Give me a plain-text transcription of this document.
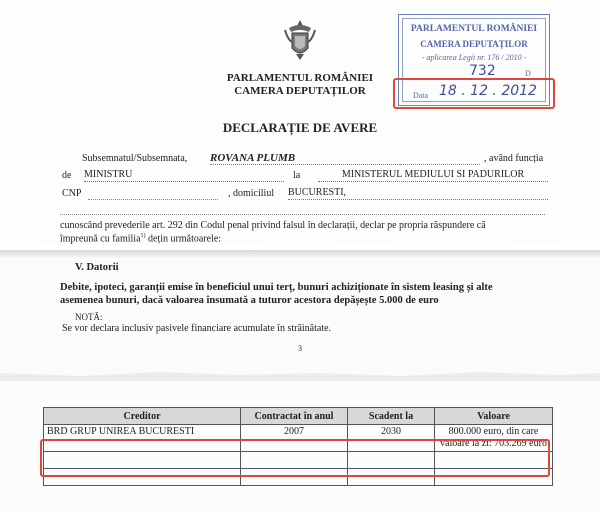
PARLAMENTUL ROMÂNIEI
CAMERA DEPUTAȚILOR
PARLAMENTUL ROMÂNIEI
CAMERA DEPUTAȚILOR
- aplicarea Legii nr. 176 / 2010 -
732	D
Data 18 . 12 . 2012
DECLARAȚIE DE AVERE
Subsemnatul/Subsemnata, ROVANA PLUMB	, având funcția
de MINISTRU	la	MINISTERUL MEDIULUI SI PADURILOR
CNP	, domiciliul BUCURESTI,
cunoscând prevederile art. 292 din Codul penal privind falsul în declarații, declar pe propria răspundere că
împreună cu familia$^{1)}$ dețin următoarele:
V. Datorii
Debite, ipoteci, garanții emise în beneficiul unui terț, bunuri achiziționate în sistem leasing și alte
asemenea bunuri, dacă valoarea însumată a tuturor acestora depășește 5.000 de euro
NOTĂ:
Se vor declara inclusiv pasivele financiare acumulate în străinătate.
3
Creditor	Contractat în anul	Scadent la	Valoare
BRD GRUP UNIREA BUCURESTI	2007	2030	800.000 euro, din care
valoare la zi: 703.269 euro
